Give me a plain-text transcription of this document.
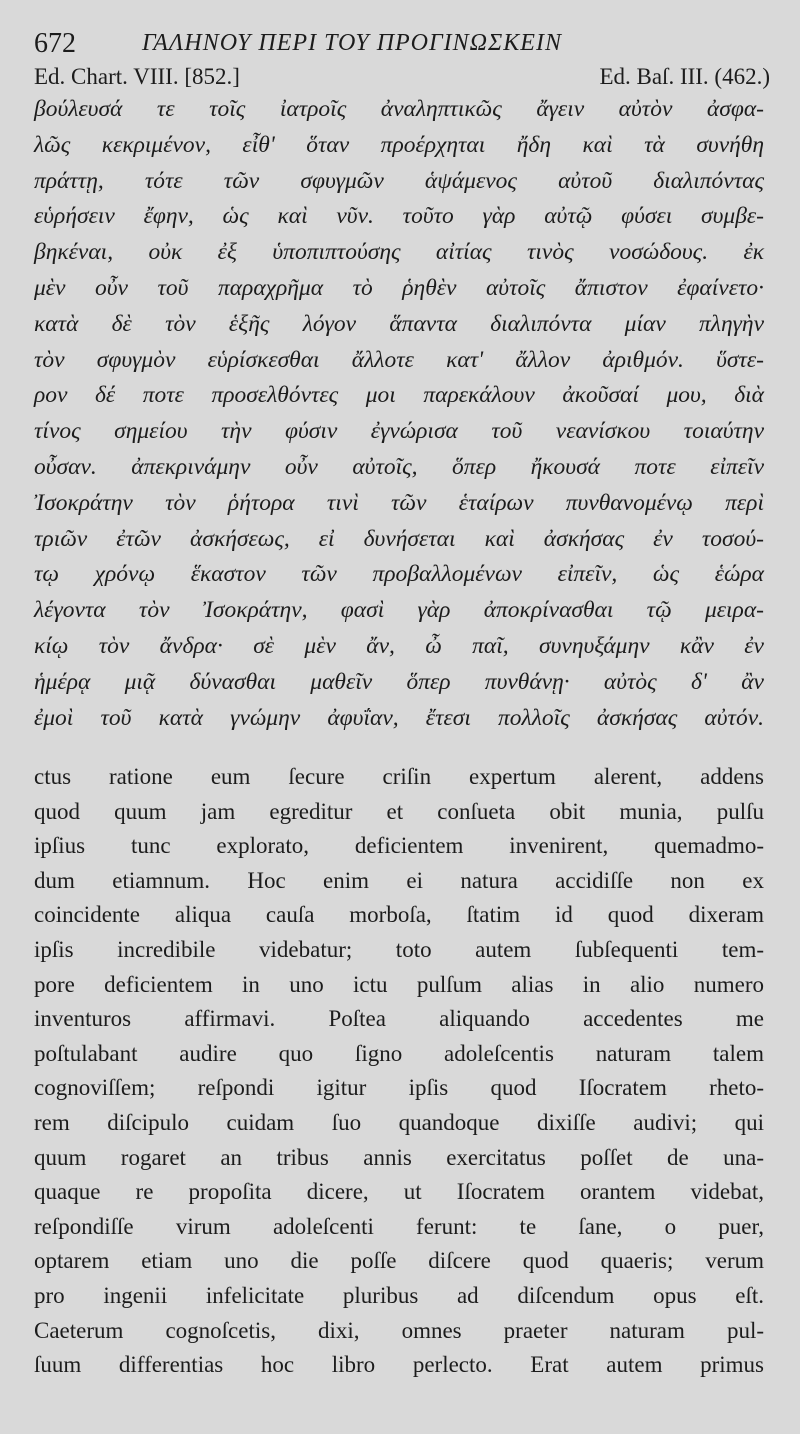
672	ΓΑΛΗΝΟΥ ΠΕΡΙ ΤΟΥ ΠΡΟΓΙΝΩΣΚΕΙΝ
Ed. Chart. VIII. [852.]	Ed. Baſ. III. (462.)
βούλευσά τε τοῖς ἰατροῖς ἀναληπτικῶς ἄγειν αὐτὸν ἀσφα-
λῶς κεκριμένον, εἶθ' ὅταν προέρχηται ἤδη καὶ τὰ συνήθη
πράττῃ, τότε τῶν σφυγμῶν ἁψάμενος αὐτοῦ διαλιπόντας
εὑρήσειν ἔφην, ὡς καὶ νῦν. τοῦτο γὰρ αὐτῷ φύσει συμβε-
βηκέναι, οὐκ ἐξ ὑποπιπτούσης αἰτίας τινὸς νοσώδους. ἐκ
μὲν οὖν τοῦ παραχρῆμα τὸ ῥηθὲν αὐτοῖς ἄπιστον ἐφαίνετο·
κατὰ δὲ τὸν ἑξῆς λόγον ἅπαντα διαλιπόντα μίαν πληγὴν
τὸν σφυγμὸν εὑρίσκεσθαι ἄλλοτε κατ' ἄλλον ἀριθμόν. ὕστε-
ρον δέ ποτε προσελθόντες μοι παρεκάλουν ἀκοῦσαί μου, διὰ
τίνος σημείου τὴν φύσιν ἐγνώρισα τοῦ νεανίσκου τοιαύτην
οὖσαν. ἀπεκρινάμην οὖν αὐτοῖς, ὅπερ ἤκουσά ποτε εἰπεῖν
Ἰσοκράτην τὸν ῥήτορα τινὶ τῶν ἑταίρων πυνθανομένῳ περὶ
τριῶν ἐτῶν ἀσκήσεως, εἰ δυνήσεται καὶ ἀσκήσας ἐν τοσού-
τῳ χρόνῳ ἕκαστον τῶν προβαλλομένων εἰπεῖν, ὡς ἑώρα
λέγοντα τὸν Ἰσοκράτην, φασὶ γὰρ ἀποκρίνασθαι τῷ μειρα-
κίῳ τὸν ἄνδρα· σὲ μὲν ἄν, ὦ παῖ, συνηυξάμην κἂν ἐν
ἡμέρᾳ μιᾷ δύνασθαι μαθεῖν ὅπερ πυνθάνῃ· αὐτὸς δ' ἂν
ἐμοὶ τοῦ κατὰ γνώμην ἀφυΐαν, ἔτεσι πολλοῖς ἀσκήσας αὐτόν.
ctus ratione eum ſecure criſin expertum alerent, addens
quod quum jam egreditur et conſueta obit munia, pulſu
ipſius tunc explorato, deficientem invenirent, quemadmo-
dum etiamnum. Hoc enim ei natura accidiſſe non ex
coincidente aliqua cauſa morboſa, ſtatim id quod dixeram
ipſis incredibile videbatur; toto autem ſubſequenti tem-
pore deficientem in uno ictu pulſum alias in alio numero
inventuros affirmavi. Poſtea aliquando accedentes me
poſtulabant audire quo ſigno adoleſcentis naturam talem
cognoviſſem; reſpondi igitur ipſis quod Iſocratem rheto-
rem diſcipulo cuidam ſuo quandoque dixiſſe audivi; qui
quum rogaret an tribus annis exercitatus poſſet de una-
quaque re propoſita dicere, ut Iſocratem orantem videbat,
reſpondiſſe virum adoleſcenti ferunt: te ſane, o puer,
optarem etiam uno die poſſe diſcere quod quaeris; verum
pro ingenii infelicitate pluribus ad diſcendum opus eſt.
Caeterum cognoſcetis, dixi, omnes praeter naturam pul-
ſuum differentias hoc libro perlecto. Erat autem primus
